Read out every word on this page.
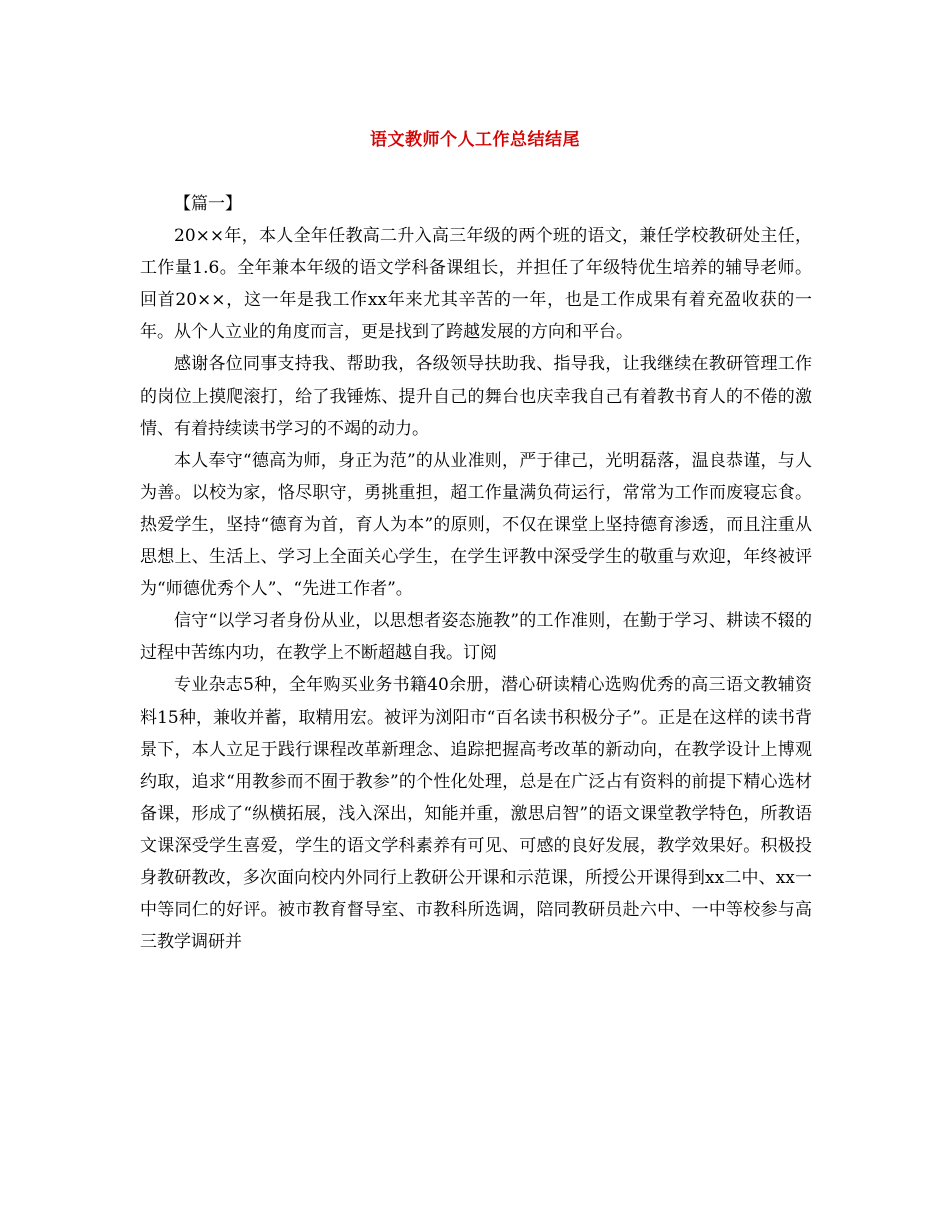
语文教师个人工作总结结尾

【篇一】

20××年，本人全年任教高二升入高三年级的两个班的语文，兼任学校教研处主任，工作量1.6。全年兼本年级的语文学科备课组长，并担任了年级特优生培养的辅导老师。回首20××，这一年是我工作xx年来尤其辛苦的一年，也是工作成果有着充盈收获的一年。从个人立业的角度而言，更是找到了跨越发展的方向和平台。

感谢各位同事支持我、帮助我，各级领导扶助我、指导我，让我继续在教研管理工作的岗位上摸爬滚打，给了我锤炼、提升自己的舞台也庆幸我自己有着教书育人的不倦的激情、有着持续读书学习的不竭的动力。

本人奉守“德高为师，身正为范”的从业准则，严于律己，光明磊落，温良恭谨，与人为善。以校为家，恪尽职守，勇挑重担，超工作量满负荷运行，常常为工作而废寝忘食。热爱学生，坚持“德育为首，育人为本”的原则，不仅在课堂上坚持德育渗透，而且注重从思想上、生活上、学习上全面关心学生，在学生评教中深受学生的敬重与欢迎，年终被评为“师德优秀个人”、“先进工作者”。

信守“以学习者身份从业，以思想者姿态施教”的工作准则，在勤于学习、耕读不辍的过程中苦练内功，在教学上不断超越自我。订阅

专业杂志5种，全年购买业务书籍40余册，潜心研读精心选购优秀的高三语文教辅资料15种，兼收并蓄，取精用宏。被评为浏阳市“百名读书积极分子”。正是在这样的读书背景下，本人立足于践行课程改革新理念、追踪把握高考改革的新动向，在教学设计上博观约取，追求“用教参而不囿于教参”的个性化处理，总是在广泛占有资料的前提下精心选材备课，形成了“纵横拓展，浅入深出，知能并重，激思启智”的语文课堂教学特色，所教语文课深受学生喜爱，学生的语文学科素养有可见、可感的良好发展，教学效果好。积极投身教研教改，多次面向校内外同行上教研公开课和示范课，所授公开课得到xx二中、xx一中等同仁的好评。被市教育督导室、市教科所选调，陪同教研员赴六中、一中等校参与高三教学调研并
